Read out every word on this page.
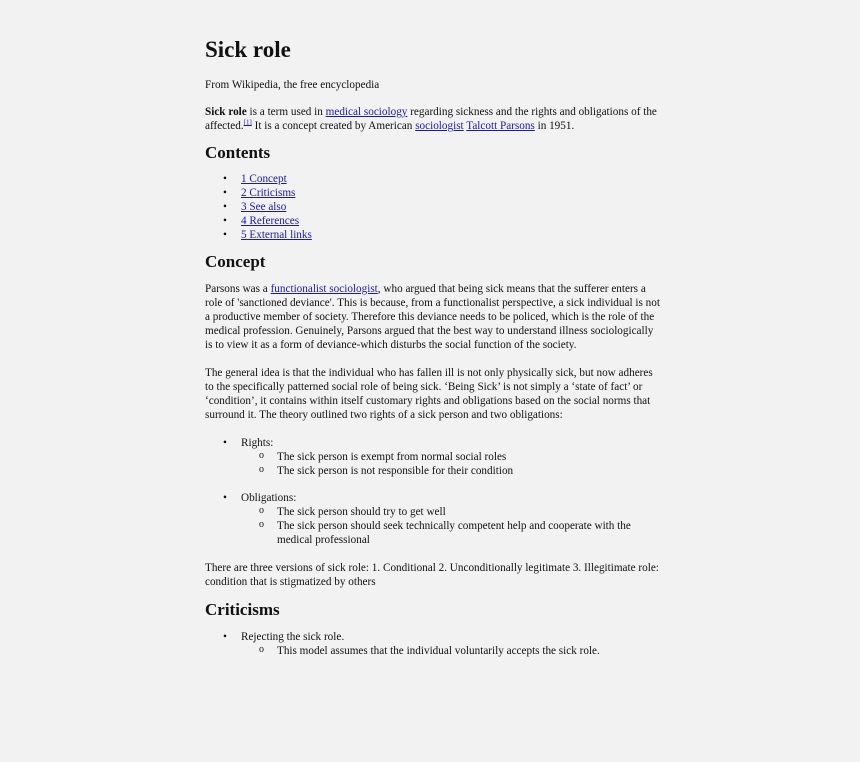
Sick role

From Wikipedia, the free encyclopedia

Sick role is a term used in medical sociology regarding sickness and the rights and obligations of the affected.[1] It is a concept created by American sociologist Talcott Parsons in 1951.

Contents
• 1 Concept
• 2 Criticisms
• 3 See also
• 4 References
• 5 External links
Concept

Parsons was a functionalist sociologist, who argued that being sick means that the sufferer enters a role of 'sanctioned deviance'. This is because, from a functionalist perspective, a sick individual is not a productive member of society. Therefore this deviance needs to be policed, which is the role of the medical profession. Genuinely, Parsons argued that the best way to understand illness sociologically is to view it as a form of deviance-which disturbs the social function of the society.

The general idea is that the individual who has fallen ill is not only physically sick, but now adheres to the specifically patterned social role of being sick. ‘Being Sick’ is not simply a ‘state of fact’ or ‘condition’, it contains within itself customary rights and obligations based on the social norms that surround it. The theory outlined two rights of a sick person and two obligations:

• Rights:
o The sick person is exempt from normal social roles
o The sick person is not responsible for their condition
• Obligations:
o The sick person should try to get well
o The sick person should seek technically competent help and cooperate with the medical professional

There are three versions of sick role: 1. Conditional 2. Unconditionally legitimate 3. Illegitimate role: condition that is stigmatized by others

Criticisms
• Rejecting the sick role.
o This model assumes that the individual voluntarily accepts the sick role.
